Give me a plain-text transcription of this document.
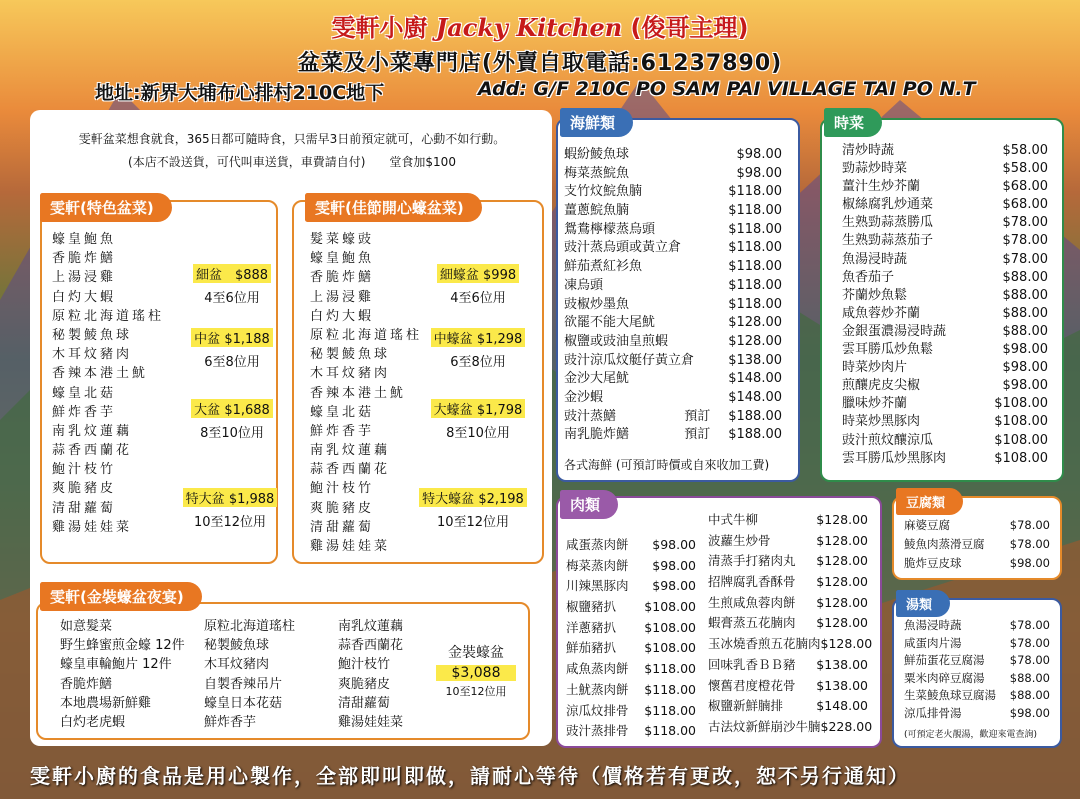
雯軒小廚 Jacky Kitchen (俊哥主理)
盆菜及小菜專門店(外賣自取電話:61237890)
地址:新界大埔布心排村210C地下	Add: G/F 210C PO SAM PAI VILLAGE TAI PO N.T
雯軒盆菜想食就食，365日都可隨時食，只需早3日前預定就可，心動不如行動。
(本店不設送貨，可代叫車送貨，車費請自付)　　堂食加$100
雯軒(特色盆菜)
蠔皇鮑魚
香脆炸鱔
上湯浸雞
白灼大蝦
原粒北海道瑤柱
秘製鯪魚球
木耳炆豬肉
香辣本港土魷
蠔皇北菇
鮮炸香芋
南乳炆蓮藕
蒜香西蘭花
鮑汁枝竹
爽脆豬皮
清甜蘿蔔
雞湯娃娃菜
細盆　 $888
4至6位用
中盆 $1,188
6至8位用
大盆 $1,688
8至10位用
特大盆 $1,988
10至12位用
雯軒(佳節開心蠔盆菜)
髮菜蠔豉
蠔皇鮑魚
香脆炸鱔
上湯浸雞
白灼大蝦
原粒北海道瑤柱
秘製鯪魚球
木耳炆豬肉
香辣本港土魷
蠔皇北菇
鮮炸香芋
南乳炆蓮藕
蒜香西蘭花
鮑汁枝竹
爽脆豬皮
清甜蘿蔔
雞湯娃娃菜
細蠔盆 $998
4至6位用
中蠔盆 $1,298
6至8位用
大蠔盆 $1,798
8至10位用
特大蠔盆 $2,198
10至12位用
雯軒(金裝蠔盆夜宴)
如意髮菜
野生蜂蜜煎金蠔 12件
蠔皇車輪鮑片 12件
香脆炸鱔
本地農場新鮮雞
白灼老虎蝦
原粒北海道瑤柱
秘製鯪魚球
木耳炆豬肉
自製香辣吊片
蠔皇日本花菇
鮮炸香芋
南乳炆蓮藕
蒜香西蘭花
鮑汁枝竹
爽脆豬皮
清甜蘿蔔
雞湯娃娃菜
金裝蠔盆
$3,088
10至12位用
海鮮類
蝦紛鯪魚球	$98.00
梅菜蒸鯇魚	$98.00
支竹炆鯇魚腩	$118.00
薑蔥鯇魚腩	$118.00
鴛鴦檸檬蒸烏頭	$118.00
豉汁蒸烏頭或黃立倉	$118.00
鮮茄煮紅衫魚	$118.00
凍烏頭	$118.00
豉椒炒墨魚	$118.00
欲罷不能大尾魷	$128.00
椒鹽或豉油皇煎蝦	$128.00
豉汁涼瓜炆艇仔黃立倉	$138.00
金沙大尾魷	$148.00
金沙蝦	$148.00
豉汁蒸鱔	預訂	$188.00
南乳脆炸鱔	預訂	$188.00
各式海鮮 (可預訂時價或自來收加工費)
時菜
清炒時蔬	$58.00
勁蒜炒時菜	$58.00
薑汁生炒芥蘭	$68.00
椒絲腐乳炒通菜	$68.00
生熟勁蒜蒸勝瓜	$78.00
生熟勁蒜蒸茄子	$78.00
魚湯浸時蔬	$78.00
魚香茄子	$88.00
芥蘭炒魚鬆	$88.00
咸魚蓉炒芥蘭	$88.00
金銀蛋濃湯浸時蔬	$88.00
雲耳勝瓜炒魚鬆	$98.00
時菜炒肉片	$98.00
煎釀虎皮尖椒	$98.00
臘味炒芥蘭	$108.00
時菜炒黑豚肉	$108.00
豉汁煎炆釀涼瓜	$108.00
雲耳勝瓜炒黑豚肉	$108.00
肉類
咸蛋蒸肉餅	$98.00
梅菜蒸肉餅	$98.00
川辣黑豚肉	$98.00
椒鹽豬扒	$108.00
洋蔥豬扒	$108.00
鮮茄豬扒	$108.00
咸魚蒸肉餅	$118.00
土魷蒸肉餅	$118.00
涼瓜炆排骨	$118.00
豉汁蒸排骨	$118.00
中式牛柳	$128.00
波蘿生炒骨	$128.00
清蒸手打豬肉丸	$128.00
招牌腐乳香酥骨	$128.00
生煎咸魚蓉肉餅	$128.00
蝦膏蒸五花腩肉	$128.00
玉冰燒香煎五花腩肉 $128.00
回味乳香ＢＢ豬	$138.00
懷舊君度橙花骨	$138.00
椒鹽新鮮腩排	$148.00
古法炆新鮮崩沙牛腩 $228.00
豆腐類
麻婆豆腐	$78.00
鯪魚肉蒸滑豆腐	$78.00
脆炸豆皮球	$98.00
湯類
魚湯浸時蔬	$78.00
咸蛋肉片湯	$78.00
鮮茄蛋花豆腐湯	$78.00
粟米肉碎豆腐湯	$88.00
生菜鯪魚球豆腐湯	$88.00
涼瓜排骨湯	$98.00
(可預定老火靚湯，歡迎來電查詢)
雯軒小廚的食品是用心製作，全部即叫即做，請耐心等待（價格若有更改，恕不另行通知）
